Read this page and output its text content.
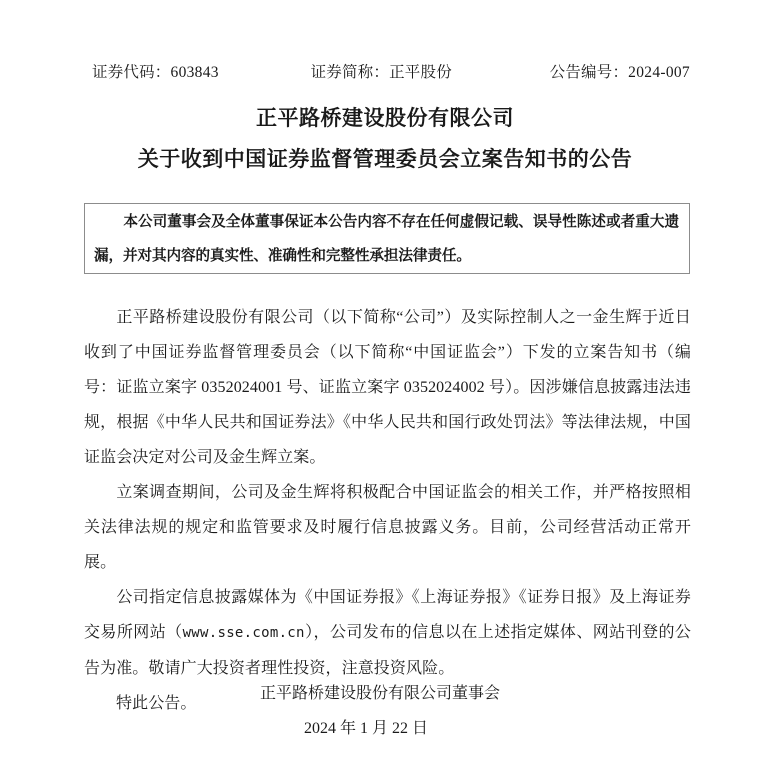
证券代码：603843	证券简称：正平股份	公告编号：2024-007
正平路桥建设股份有限公司
关于收到中国证券监督管理委员会立案告知书的公告
本公司董事会及全体董事保证本公告内容不存在任何虚假记载、误导性陈述或者重大遗漏，并对其内容的真实性、准确性和完整性承担法律责任。

正平路桥建设股份有限公司（以下简称“公司”）及实际控制人之一金生辉于近日收到了中国证券监督管理委员会（以下简称“中国证监会”）下发的立案告知书（编号：证监立案字 0352024001 号、证监立案字 0352024002 号）。因涉嫌信息披露违法违规，根据《中华人民共和国证券法》《中华人民共和国行政处罚法》等法律法规，中国证监会决定对公司及金生辉立案。

立案调查期间，公司及金生辉将积极配合中国证监会的相关工作，并严格按照相关法律法规的规定和监管要求及时履行信息披露义务。目前，公司经营活动正常开展。

公司指定信息披露媒体为《中国证券报》《上海证券报》《证券日报》及上海证券交易所网站（www.sse.com.cn），公司发布的信息以在上述指定媒体、网站刊登的公告为准。敬请广大投资者理性投资，注意投资风险。

特此公告。

正平路桥建设股份有限公司董事会
2024 年 1 月 22 日
